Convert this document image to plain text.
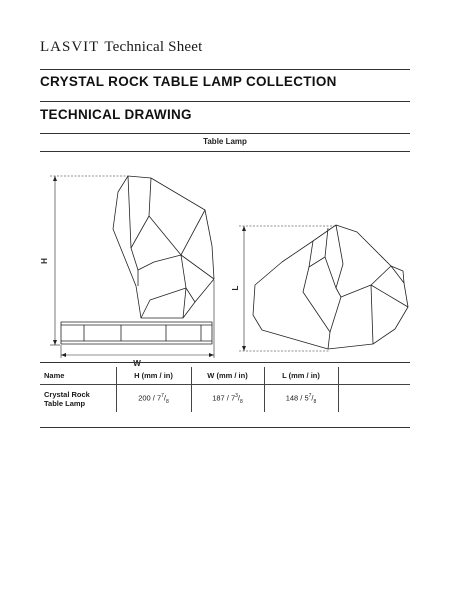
LASVIT Technical Sheet
CRYSTAL ROCK TABLE LAMP COLLECTION
TECHNICAL DRAWING
Table Lamp
H
W
L
Name	H (mm / in)	W (mm / in)	L (mm / in)	

Crystal Rock
Table Lamp	$200 / 7^7/_8$	$187 / 7^3/_8$	$148 / 5^7/_8$	
